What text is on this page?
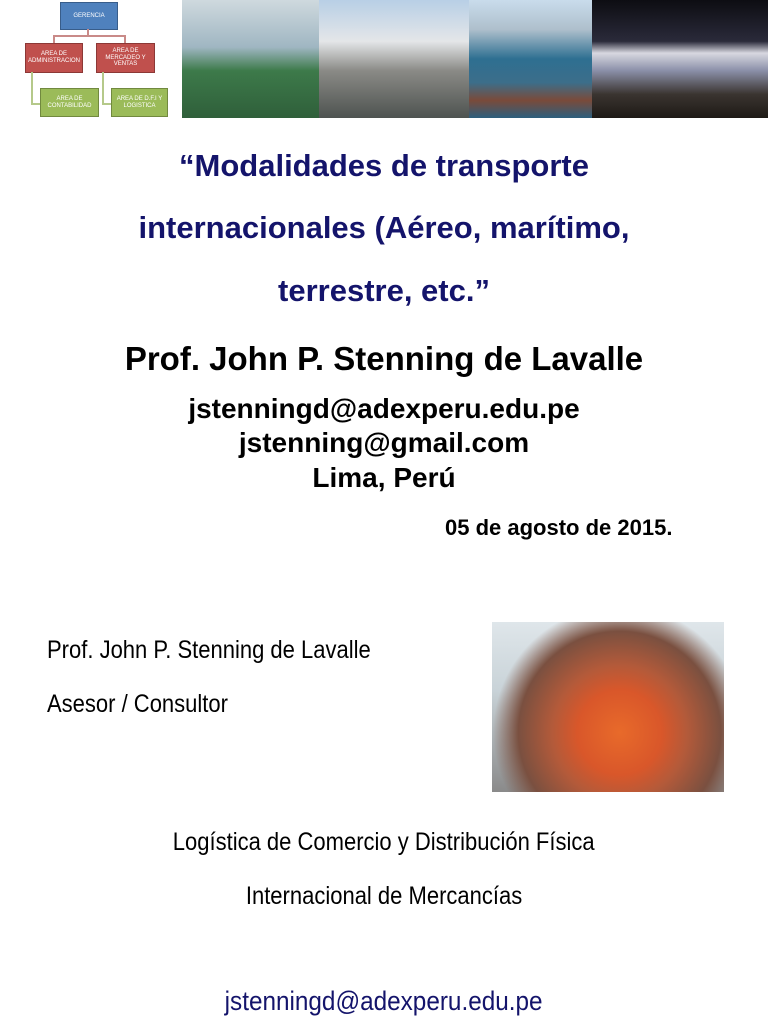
GERENCIA
AREA DE ADMINISTRACION
AREA DE MERCADEO Y VENTAS
AREA DE CONTABILIDAD
AREA DE D.F.I Y LOGISTICA
“Modalidades de transporte
internacionales (Aéreo, marítimo,
terrestre, etc.”
Prof. John P. Stenning de Lavalle
jstenningd@adexperu.edu.pe
jstenning@gmail.com
Lima, Perú
05 de agosto de 2015.
Prof. John P. Stenning de Lavalle
Asesor / Consultor
Logística de Comercio y Distribución Física
Internacional de Mercancías
jstenningd@adexperu.edu.pe
